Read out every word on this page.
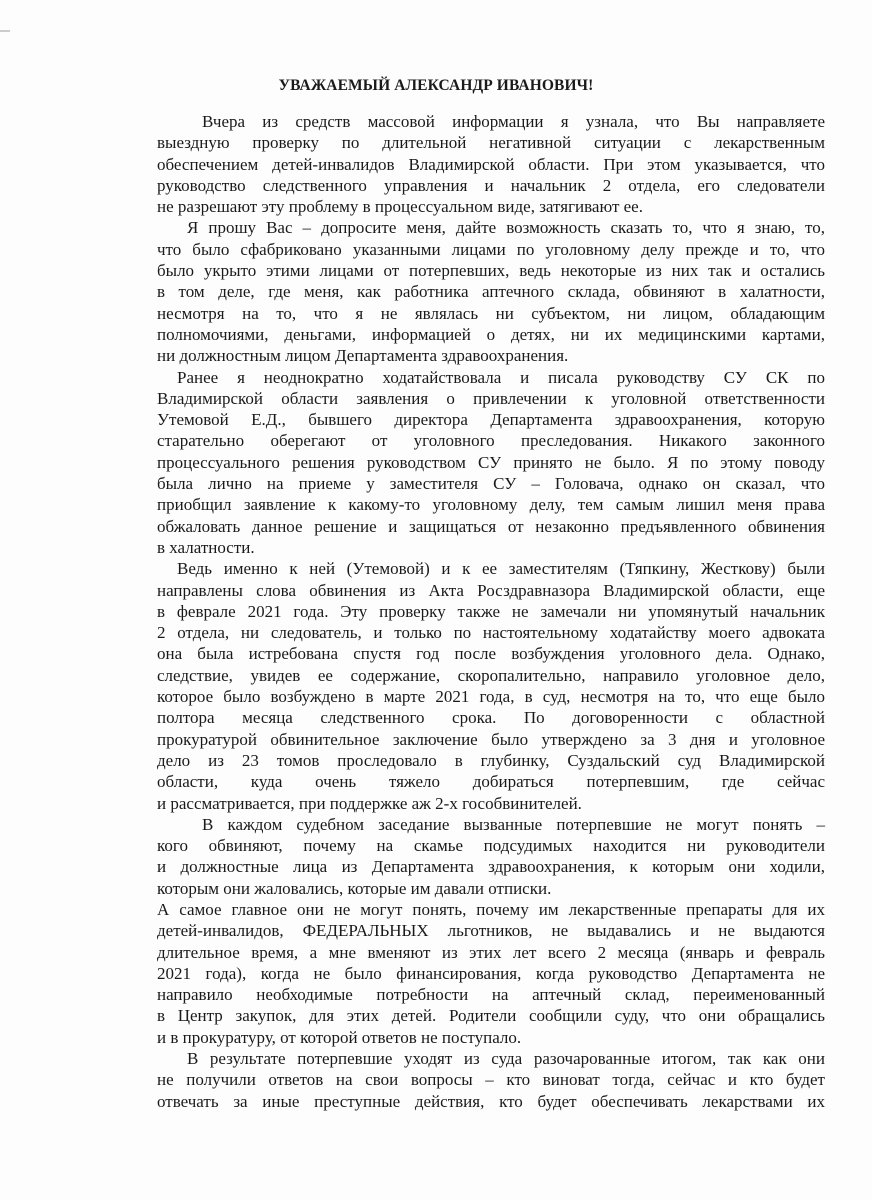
УВАЖАЕМЫЙ АЛЕКСАНДР ИВАНОВИЧ!
Вчера из средств массовой информации я узнала, что Вы направляете
выездную проверку по длительной негативной ситуации с лекарственным
обеспечением детей-инвалидов Владимирской области. При этом указывается, что
руководство следственного управления и начальник 2 отдела, его следователи
не разрешают эту проблему в процессуальном виде, затягивают ее.
Я прошу Вас – допросите меня, дайте возможность сказать то, что я знаю, то,
что было сфабриковано указанными лицами по уголовному делу прежде и то, что
было укрыто этими лицами от потерпевших, ведь некоторые из них так и остались
в том деле, где меня, как работника аптечного склада, обвиняют в халатности,
несмотря на то, что я не являлась ни субъектом, ни лицом, обладающим
полномочиями, деньгами, информацией о детях, ни их медицинскими картами,
ни должностным лицом Департамента здравоохранения.
Ранее я неоднократно ходатайствовала и писала руководству СУ СК по
Владимирской области заявления о привлечении к уголовной ответственности
Утемовой Е.Д., бывшего директора Департамента здравоохранения, которую
старательно оберегают от уголовного преследования. Никакого законного
процессуального решения руководством СУ принято не было. Я по этому поводу
была лично на приеме у заместителя СУ – Головача, однако он сказал, что
приобщил заявление к какому-то уголовному делу, тем самым лишил меня права
обжаловать данное решение и защищаться от незаконно предъявленного обвинения
в халатности.
Ведь именно к ней (Утемовой) и к ее заместителям (Тяпкину, Жесткову) были
направлены слова обвинения из Акта Росздравназора Владимирской области, еще
в феврале 2021 года. Эту проверку также не замечали ни упомянутый начальник
2 отдела, ни следователь, и только по настоятельному ходатайству моего адвоката
она была истребована спустя год после возбуждения уголовного дела. Однако,
следствие, увидев ее содержание, скоропалительно, направило уголовное дело,
которое было возбуждено в марте 2021 года, в суд, несмотря на то, что еще было
полтора месяца следственного срока. По договоренности с областной
прокуратурой обвинительное заключение было утверждено за 3 дня и уголовное
дело из 23 томов проследовало в глубинку, Суздальский суд Владимирской
области, куда очень тяжело добираться потерпевшим, где сейчас
и рассматривается, при поддержке аж 2-х гособвинителей.
В каждом судебном заседание вызванные потерпевшие не могут понять –
кого обвиняют, почему на скамье подсудимых находится ни руководители
и должностные лица из Департамента здравоохранения, к которым они ходили,
которым они жаловались, которые им давали отписки.
А самое главное они не могут понять, почему им лекарственные препараты для их
детей-инвалидов, ФЕДЕРАЛЬНЫХ льготников, не выдавались и не выдаются
длительное время, а мне вменяют из этих лет всего 2 месяца (январь и февраль
2021 года), когда не было финансирования, когда руководство Департамента не
направило необходимые потребности на аптечный склад, переименованный
в Центр закупок, для этих детей. Родители сообщили суду, что они обращались
и в прокуратуру, от которой ответов не поступало.
В результате потерпевшие уходят из суда разочарованные итогом, так как они
не получили ответов на свои вопросы – кто виноват тогда, сейчас и кто будет
отвечать за иные преступные действия, кто будет обеспечивать лекарствами их
